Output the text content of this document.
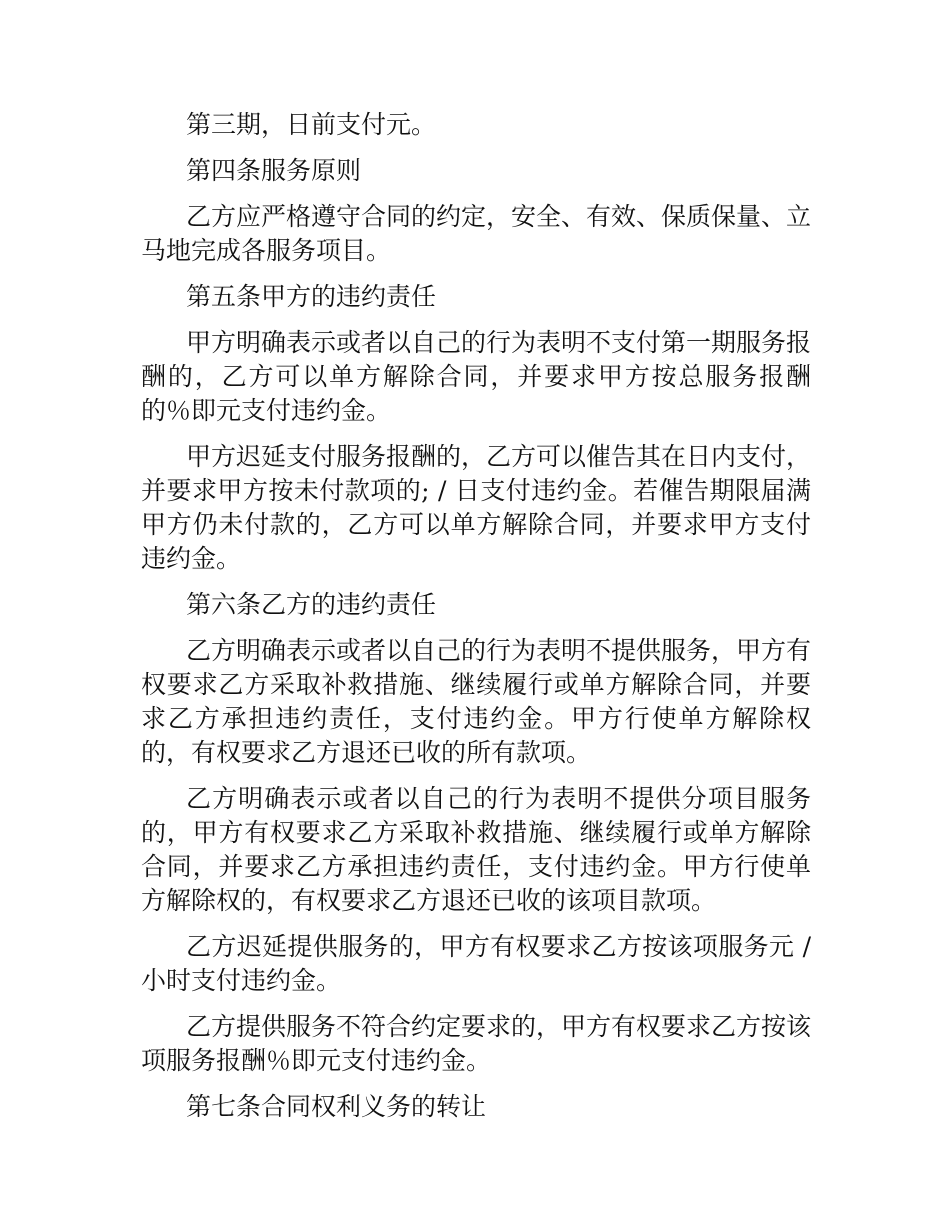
第三期，日前支付元。

第四条服务原则

乙方应严格遵守合同的约定，安全、有效、保质保量、立马地完成各服务项目。

第五条甲方的违约责任

甲方明确表示或者以自己的行为表明不支付第一期服务报酬的，乙方可以单方解除合同，并要求甲方按总服务报酬的％即元支付违约金。

甲方迟延支付服务报酬的，乙方可以催告其在日内支付，并要求甲方按未付款项的; / 日支付违约金。若催告期限届满甲方仍未付款的，乙方可以单方解除合同，并要求甲方支付违约金。

第六条乙方的违约责任

乙方明确表示或者以自己的行为表明不提供服务，甲方有权要求乙方采取补救措施、继续履行或单方解除合同，并要求乙方承担违约责任，支付违约金。甲方行使单方解除权的，有权要求乙方退还已收的所有款项。

乙方明确表示或者以自己的行为表明不提供分项目服务的，甲方有权要求乙方采取补救措施、继续履行或单方解除合同，并要求乙方承担违约责任，支付违约金。甲方行使单方解除权的，有权要求乙方退还已收的该项目款项。

乙方迟延提供服务的，甲方有权要求乙方按该项服务元 / 小时支付违约金。

乙方提供服务不符合约定要求的，甲方有权要求乙方按该项服务报酬％即元支付违约金。

第七条合同权利义务的转让
